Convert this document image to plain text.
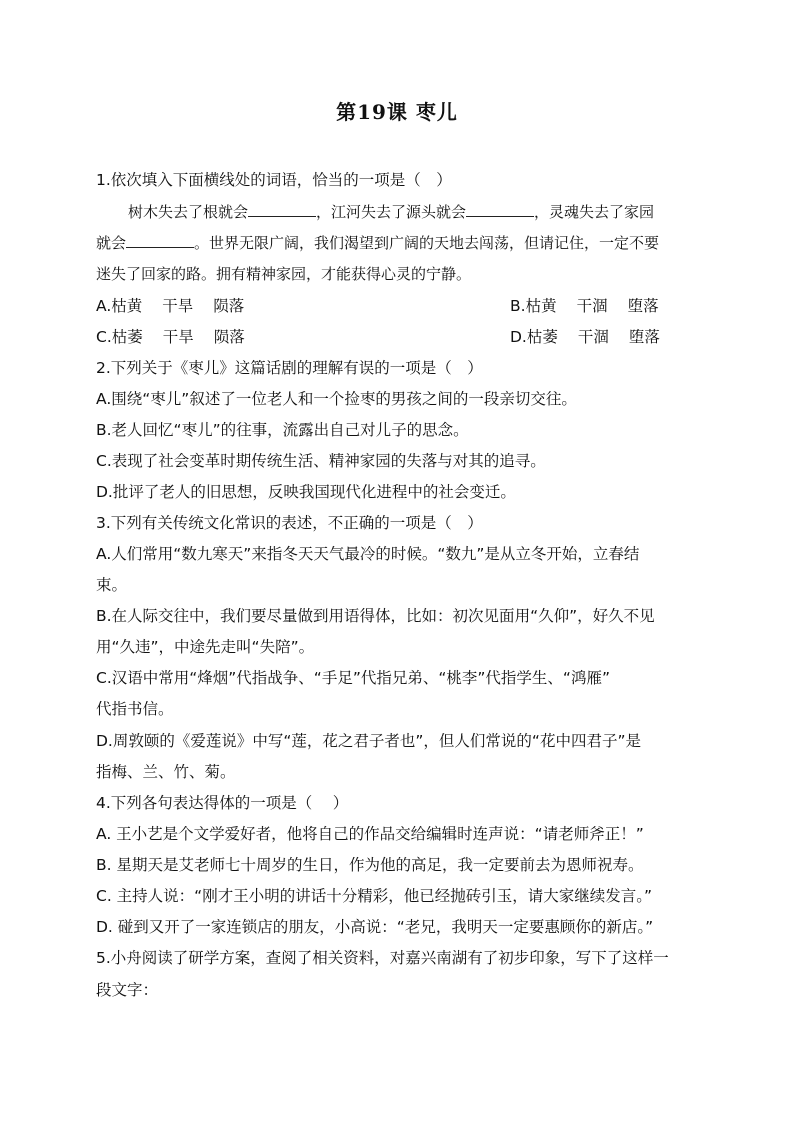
第19课 枣儿
1.依次填入下面横线处的词语，恰当的一项是（　）
树木失去了根就会	，江河失去了源头就会	，灵魂失去了家园
就会	。世界无限广阔，我们渴望到广阔的天地去闯荡，但请记住，一定不要
迷失了回家的路。拥有精神家园，才能获得心灵的宁静。
A.枯黄 干旱 陨落	B.枯黄 干涸 堕落
C.枯萎 干旱 陨落	D.枯萎 干涸 堕落
2.下列关于《枣儿》这篇话剧的理解有误的一项是（　）
A.围绕“枣儿”叙述了一位老人和一个捡枣的男孩之间的一段亲切交往。
B.老人回忆“枣儿”的往事，流露出自己对儿子的思念。
C.表现了社会变革时期传统生活、精神家园的失落与对其的追寻。
D.批评了老人的旧思想，反映我国现代化进程中的社会变迁。
3.下列有关传统文化常识的表述，不正确的一项是（　）
A.人们常用“数九寒天”来指冬天天气最冷的时候。“数九”是从立冬开始，立春结
束。
B.在人际交往中，我们要尽量做到用语得体，比如：初次见面用“久仰”，好久不见
用“久违”，中途先走叫“失陪”。
C.汉语中常用“烽烟”代指战争、“手足”代指兄弟、“桃李”代指学生、“鸿雁”
代指书信。
D.周敦颐的《爱莲说》中写“莲，花之君子者也”，但人们常说的“花中四君子”是
指梅、兰、竹、菊。
4.下列各句表达得体的一项是（　 ）
A. 王小艺是个文学爱好者，他将自己的作品交给编辑时连声说：“请老师斧正！”
B. 星期天是艾老师七十周岁的生日，作为他的高足，我一定要前去为恩师祝寿。
C. 主持人说：“刚才王小明的讲话十分精彩，他已经抛砖引玉，请大家继续发言。”
D. 碰到又开了一家连锁店的朋友，小高说：“老兄，我明天一定要惠顾你的新店。”
5.小舟阅读了研学方案，查阅了相关资料，对嘉兴南湖有了初步印象，写下了这样一
段文字：
